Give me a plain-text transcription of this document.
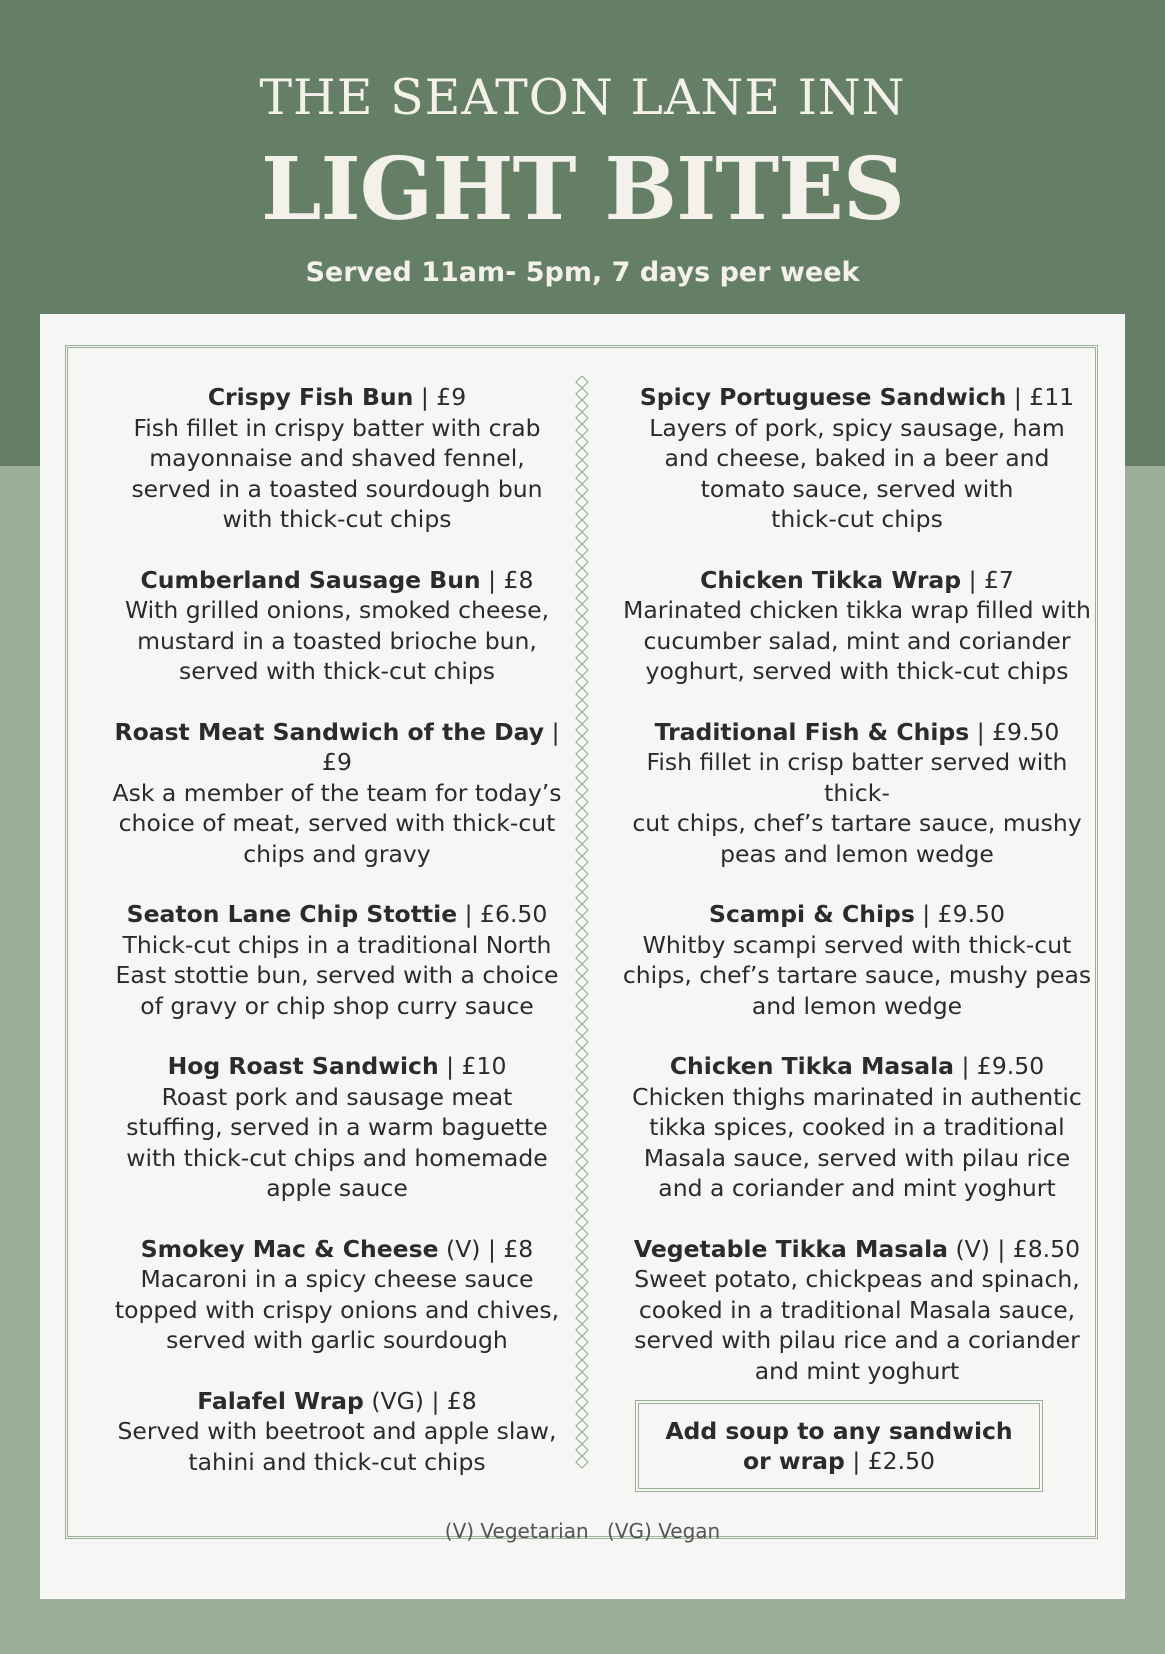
THE SEATON LANE INN
LIGHT BITES
Served 11am- 5pm, 7 days per week
Crispy Fish Bun | £9
Fish fillet in crispy batter with crab
mayonnaise and shaved fennel,
served in a toasted sourdough bun
with thick-cut chips
Cumberland Sausage Bun | £8
With grilled onions, smoked cheese,
mustard in a toasted brioche bun,
served with thick-cut chips
Roast Meat Sandwich of the Day | £9
Ask a member of the team for today’s
choice of meat, served with thick-cut
chips and gravy
Seaton Lane Chip Stottie | £6.50
Thick-cut chips in a traditional North
East stottie bun, served with a choice
of gravy or chip shop curry sauce
Hog Roast Sandwich | £10
Roast pork and sausage meat
stuffing, served in a warm baguette
with thick-cut chips and homemade
apple sauce
Smokey Mac & Cheese (V) | £8
Macaroni in a spicy cheese sauce
topped with crispy onions and chives,
served with garlic sourdough
Falafel Wrap (VG) | £8
Served with beetroot and apple slaw,
tahini and thick-cut chips
Spicy Portuguese Sandwich | £11
Layers of pork, spicy sausage, ham
and cheese, baked in a beer and
tomato sauce, served with
thick-cut chips
Chicken Tikka Wrap | £7
Marinated chicken tikka wrap filled with
cucumber salad, mint and coriander
yoghurt, served with thick-cut chips
Traditional Fish & Chips | £9.50
Fish fillet in crisp batter served with thick-
cut chips, chef’s tartare sauce, mushy
peas and lemon wedge
Scampi & Chips | £9.50
Whitby scampi served with thick-cut
chips, chef’s tartare sauce, mushy peas
and lemon wedge
Chicken Tikka Masala | £9.50
Chicken thighs marinated in authentic
tikka spices, cooked in a traditional
Masala sauce, served with pilau rice
and a coriander and mint yoghurt
Vegetable Tikka Masala (V) | £8.50
Sweet potato, chickpeas and spinach,
cooked in a traditional Masala sauce,
served with pilau rice and a coriander
and mint yoghurt
Add soup to any sandwich
or wrap | £2.50
(V) Vegetarian (VG) Vegan
